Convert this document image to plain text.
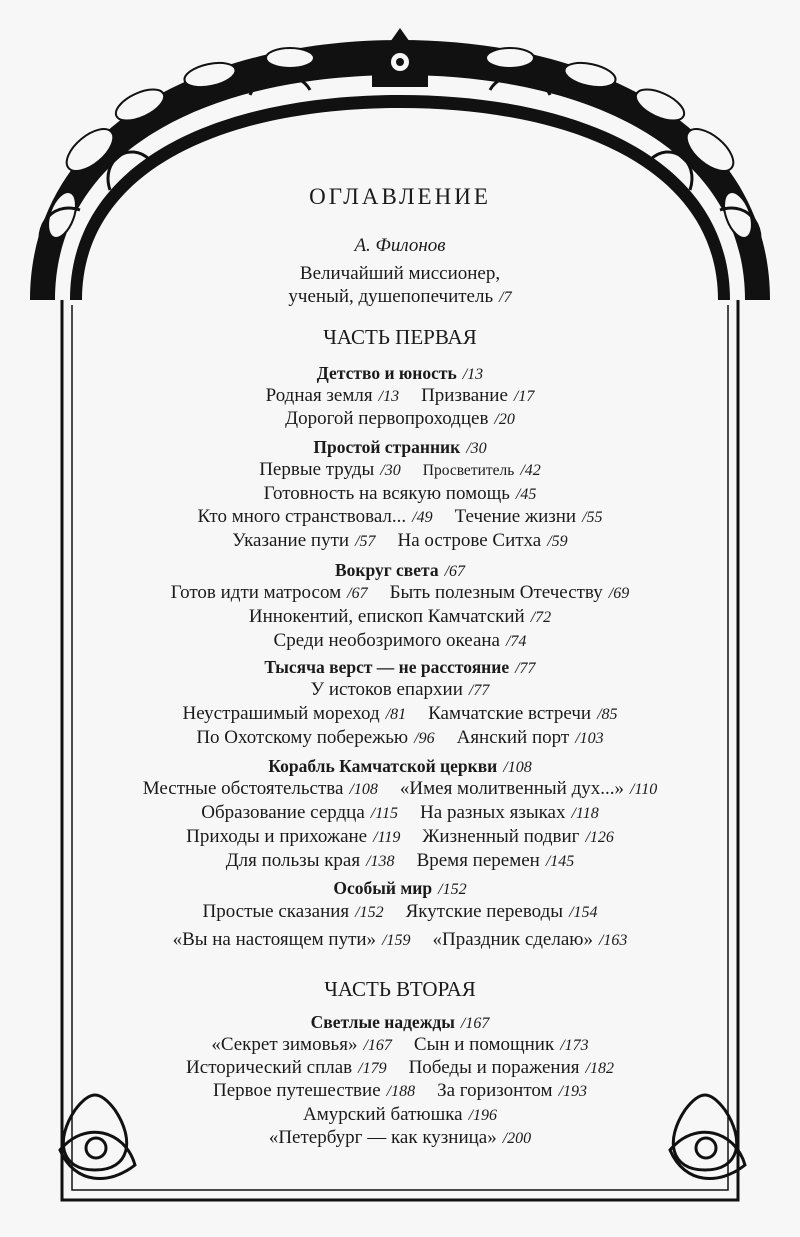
ОГЛАВЛЕНИЕ
А. Филонов
Величайший миссионер,
ученый, душепопечитель /7
ЧАСТЬ ПЕРВАЯ
Детство и юность /13
Родная земля /13 Призвание /17
Дорогой первопроходцев /20
Простой странник /30
Первые труды /30 Просветитель /42
Готовность на всякую помощь /45
Кто много странствовал... /49 Течение жизни /55
Указание пути /57 На острове Ситха /59
Вокруг света /67
Готов идти матросом /67 Быть полезным Отечеству /69
Иннокентий, епископ Камчатский /72
Среди необозримого океана /74
Тысяча верст — не расстояние /77
У истоков епархии /77
Неустрашимый мореход /81 Камчатские встречи /85
По Охотскому побережью /96 Аянский порт /103
Корабль Камчатской церкви /108
Местные обстоятельства /108 «Имея молитвенный дух...» /110
Образование сердца /115 На разных языках /118
Приходы и прихожане /119 Жизненный подвиг /126
Для пользы края /138 Время перемен /145
Особый мир /152
Простые сказания /152 Якутские переводы /154
«Вы на настоящем пути» /159 «Праздник сделаю» /163
ЧАСТЬ ВТОРАЯ
Светлые надежды /167
«Секрет зимовья» /167 Сын и помощник /173
Исторический сплав /179 Победы и поражения /182
Первое путешествие /188 За горизонтом /193
Амурский батюшка /196
«Петербург — как кузница» /200
